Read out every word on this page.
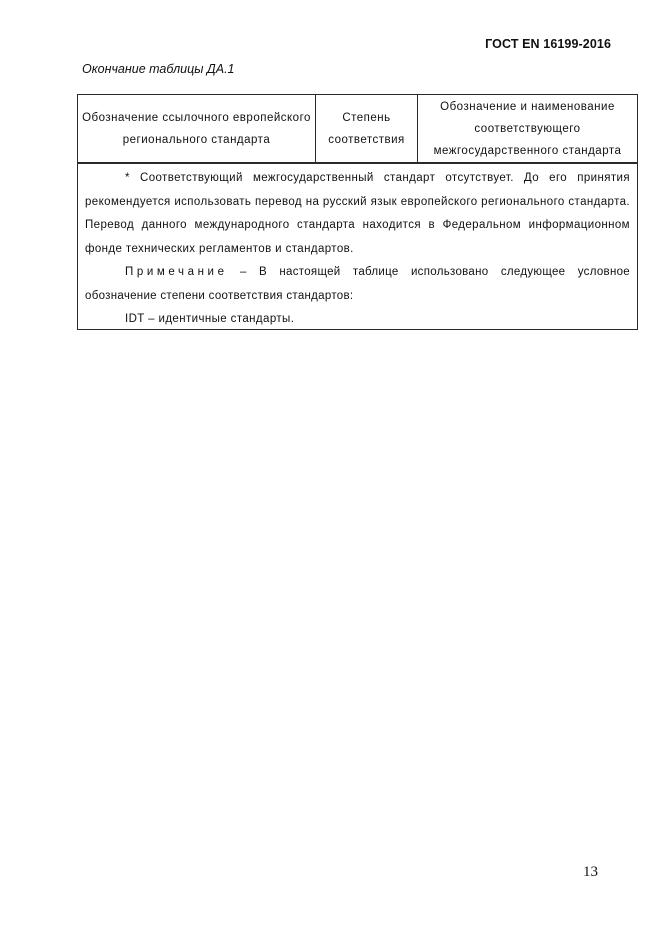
ГОСТ EN 16199-2016
Окончание таблицы ДА.1
Обозначение ссылочного европейского регионального стандарта
Степень соответствия
Обозначение и наименование соответствующего межгосударственного стандарта

* Соответствующий межгосударственный стандарт отсутствует. До его принятия рекомендуется использовать перевод на русский язык европейского регионального стандарта. Перевод данного международного стандарта находится в Федеральном информационном фонде технических регламентов и стандартов.

Примечание – В настоящей таблице использовано следующее условное обозначение степени соответствия стандартов:

IDT – идентичные стандарты.

13
